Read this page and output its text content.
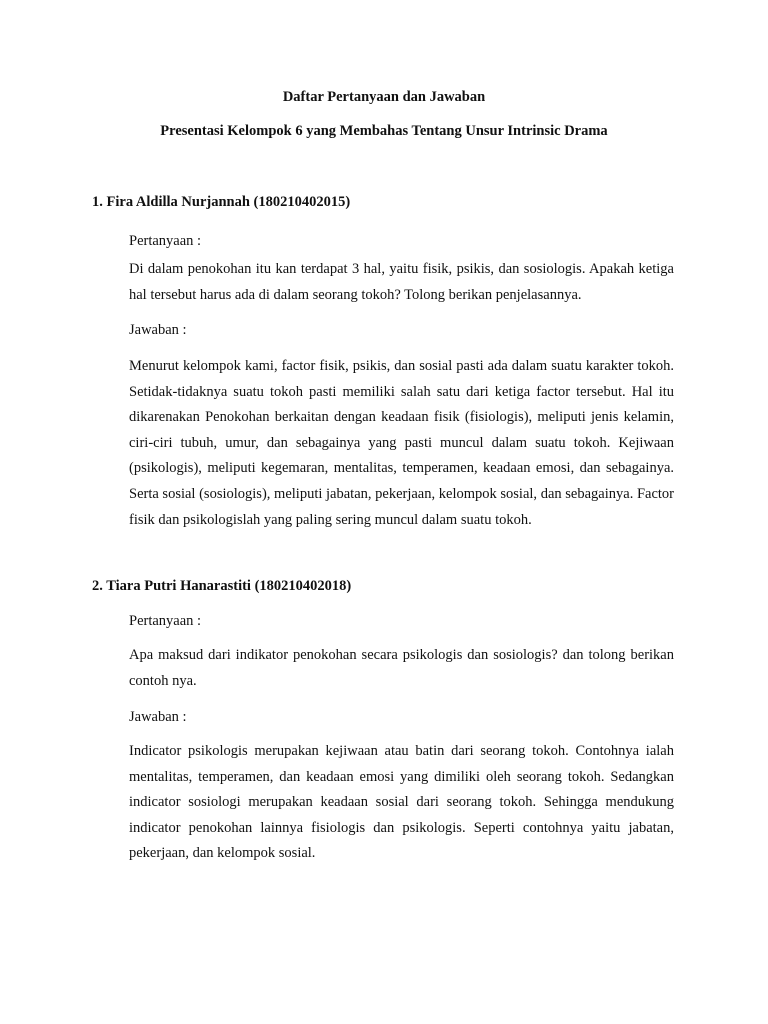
Daftar Pertanyaan dan Jawaban
Presentasi Kelompok 6 yang Membahas Tentang Unsur Intrinsic Drama
1. Fira Aldilla Nurjannah (180210402015)
Pertanyaan :
Di dalam penokohan itu kan terdapat 3 hal, yaitu fisik, psikis, dan sosiologis. Apakah ketiga hal tersebut harus ada di dalam seorang tokoh? Tolong berikan penjelasannya.
Jawaban :
Menurut kelompok kami, factor fisik, psikis, dan sosial pasti ada dalam suatu karakter tokoh. Setidak-tidaknya suatu tokoh pasti memiliki salah satu dari ketiga factor tersebut. Hal itu dikarenakan Penokohan berkaitan dengan keadaan fisik (fisiologis), meliputi jenis kelamin, ciri-ciri tubuh, umur, dan sebagainya yang pasti muncul dalam suatu tokoh. Kejiwaan (psikologis), meliputi kegemaran, mentalitas, temperamen, keadaan emosi, dan sebagainya. Serta sosial (sosiologis), meliputi jabatan, pekerjaan, kelompok sosial, dan sebagainya. Factor fisik dan psikologislah yang paling sering muncul dalam suatu tokoh.
2. Tiara Putri Hanarastiti (180210402018)
Pertanyaan :
Apa maksud dari indikator penokohan secara psikologis dan sosiologis? dan tolong berikan contoh nya.
Jawaban :
Indicator psikologis merupakan kejiwaan atau batin dari seorang tokoh. Contohnya ialah mentalitas, temperamen, dan keadaan emosi yang dimiliki oleh seorang tokoh. Sedangkan indicator sosiologi merupakan keadaan sosial dari seorang tokoh. Sehingga mendukung indicator penokohan lainnya fisiologis dan psikologis. Seperti contohnya yaitu jabatan, pekerjaan, dan kelompok sosial.
